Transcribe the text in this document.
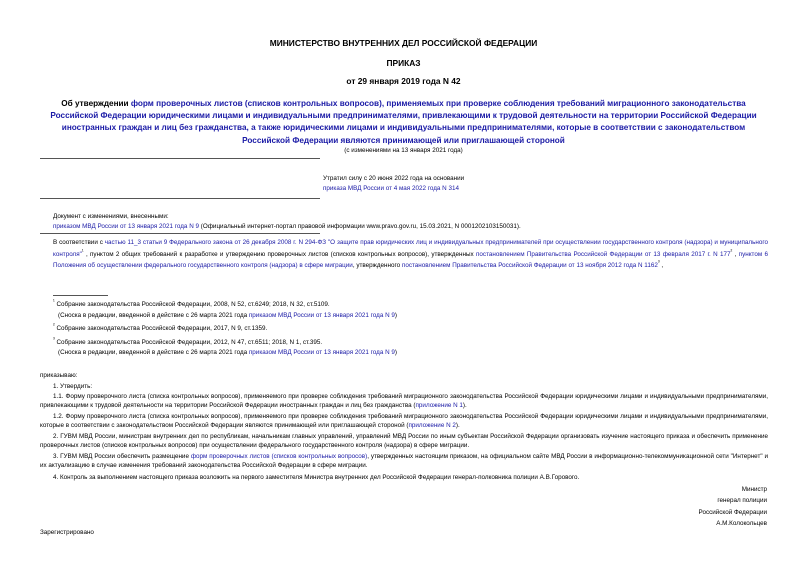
МИНИСТЕРСТВО ВНУТРЕННИХ ДЕЛ РОССИЙСКОЙ ФЕДЕРАЦИИ
ПРИКАЗ
от 29 января 2019 года N 42
Об утверждении форм проверочных листов (списков контрольных вопросов), применяемых при проверке соблюдения требований миграционного законодательства Российской Федерации юридическими лицами и индивидуальными предпринимателями, привлекающими к трудовой деятельности на территории Российской Федерации иностранных граждан и лиц без гражданства, а также юридическими лицами и индивидуальными предпринимателями, которые в соответствии с законодательством Российской Федерации являются принимающей или приглашающей стороной
(с изменениями на 13 января 2021 года)
Утратил силу с 20 июня 2022 года на основании
приказа МВД России от 4 мая 2022 года N 314
Документ с изменениями, внесенными:
приказом МВД России от 13 января 2021 года N 9 (Официальный интернет-портал правовой информации www.pravo.gov.ru, 15.03.2021, N 0001202103150031).
В соответствии с частью 11_3 статьи 9 Федерального закона от 26 декабря 2008 г. N 294-ФЗ "О защите прав юридических лиц и индивидуальных предпринимателей при осуществлении государственного контроля (надзора) и муниципального контроля"$^{^1}$ , пунктом 2 общих требований к разработке и утверждению проверочных листов (списков контрольных вопросов), утвержденных постановлением Правительства Российской Федерации от 13 февраля 2017 г. N $177^{^2}$ , пунктом 6 Положения об осуществлении федерального государственного контроля (надзора) в сфере миграции, утвержденного постановлением Правительства Российской Федерации от 13 ноября 2012 года N $1162^{^3}$ ,
$^{^1}$ Собрание законодательства Российской Федерации, 2008, N 52, ст.6249; 2018, N 32, ст.5109.
(Сноска в редакции, введенной в действие с 26 марта 2021 года приказом МВД России от 13 января 2021 года N 9)
$^{^2}$ Собрание законодательства Российской Федерации, 2017, N 9, ст.1359.
$^{^3}$ Собрание законодательства Российской Федерации, 2012, N 47, ст.6511; 2018, N 1, ст.395.
(Сноска в редакции, введенной в действие с 26 марта 2021 года приказом МВД России от 13 января 2021 года N 9)
приказываю:
1. Утвердить:
1.1. Форму проверочного листа (списка контрольных вопросов), применяемого при проверке соблюдения требований миграционного законодательства Российской Федерации юридическими лицами и индивидуальными предпринимателями, привлекающими к трудовой деятельности на территории Российской Федерации иностранных граждан и лиц без гражданства (приложение N 1).
1.2. Форму проверочного листа (списка контрольных вопросов), применяемого при проверке соблюдения требований миграционного законодательства Российской Федерации юридическими лицами и индивидуальными предпринимателями, которые в соответствии с законодательством Российской Федерации являются принимающей или приглашающей стороной (приложение N 2).
2. ГУВМ МВД России, министрам внутренних дел по республикам, начальникам главных управлений, управлений МВД России по иным субъектам Российской Федерации организовать изучение настоящего приказа и обеспечить применение проверочных листов (списков контрольных вопросов) при осуществлении федерального государственного контроля (надзора) в сфере миграции.
3. ГУВМ МВД России обеспечить размещение форм проверочных листов (списков контрольных вопросов), утвержденных настоящим приказом, на официальном сайте МВД России в информационно-телекоммуникационной сети "Интернет" и их актуализацию в случае изменения требований законодательства Российской Федерации в сфере миграции.
4. Контроль за выполнением настоящего приказа возложить на первого заместителя Министра внутренних дел Российской Федерации генерал-полковника полиции А.В.Горового.
Министр
генерал полиции
Российской Федерации
А.М.Колокольцев
Зарегистрировано
